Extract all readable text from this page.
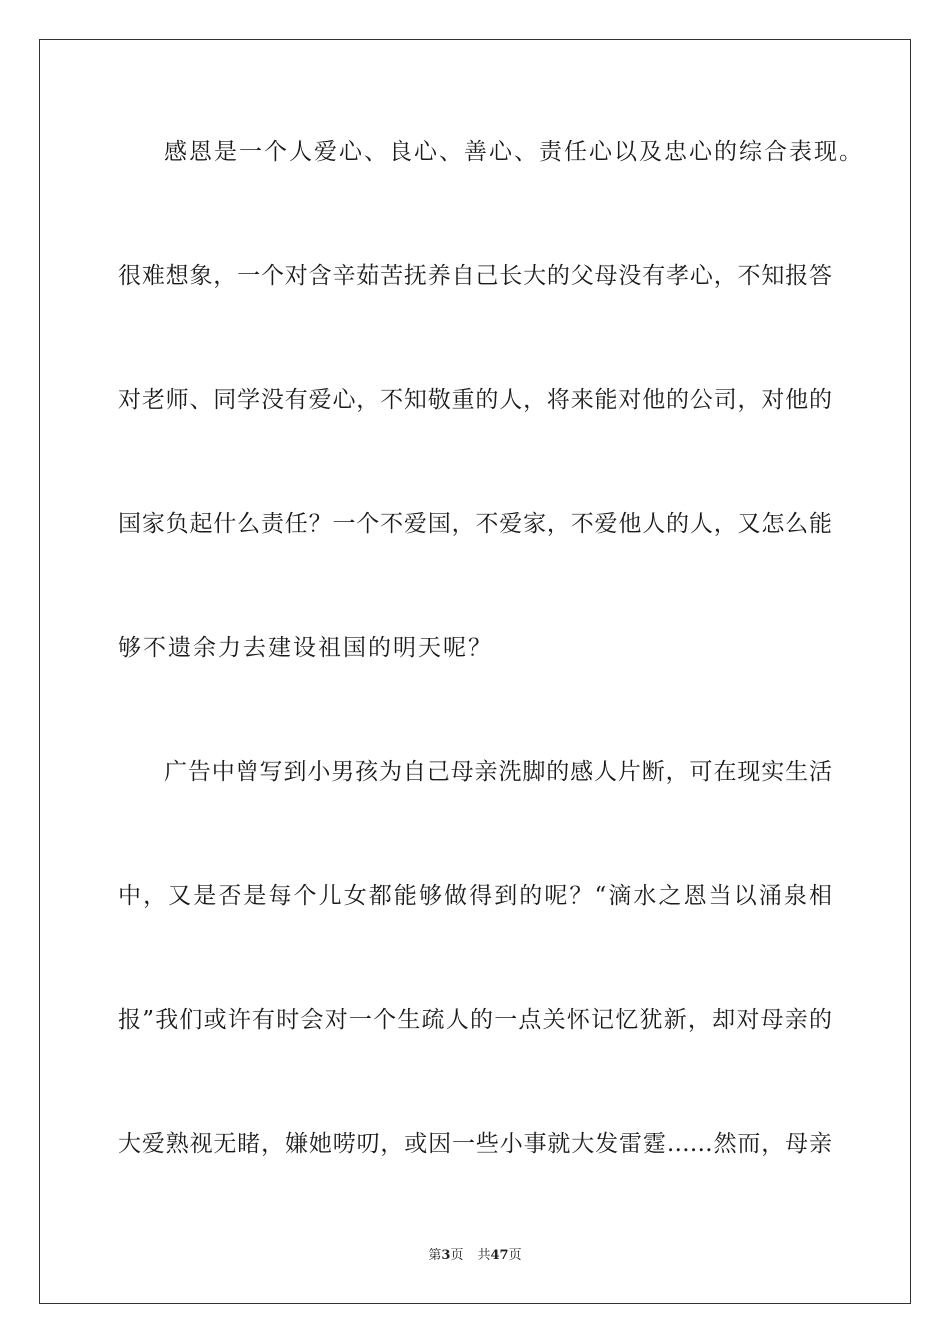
感恩是一个人爱心、良心、善心、责任心以及忠心的综合表现。
很难想象，一个对含辛茹苦抚养自己长大的父母没有孝心，不知报答
对老师、同学没有爱心，不知敬重的人，将来能对他的公司，对他的
国家负起什么责任？一个不爱国，不爱家，不爱他人的人，又怎么能
够不遗余力去建设祖国的明天呢？
广告中曾写到小男孩为自己母亲洗脚的感人片断，可在现实生活
中，又是否是每个儿女都能够做得到的呢？“滴水之恩当以涌泉相
报”我们或许有时会对一个生疏人的一点关怀记忆犹新，却对母亲的
大爱熟视无睹，嫌她唠叨，或因一些小事就大发雷霆……然而，母亲
第3页 共47页
